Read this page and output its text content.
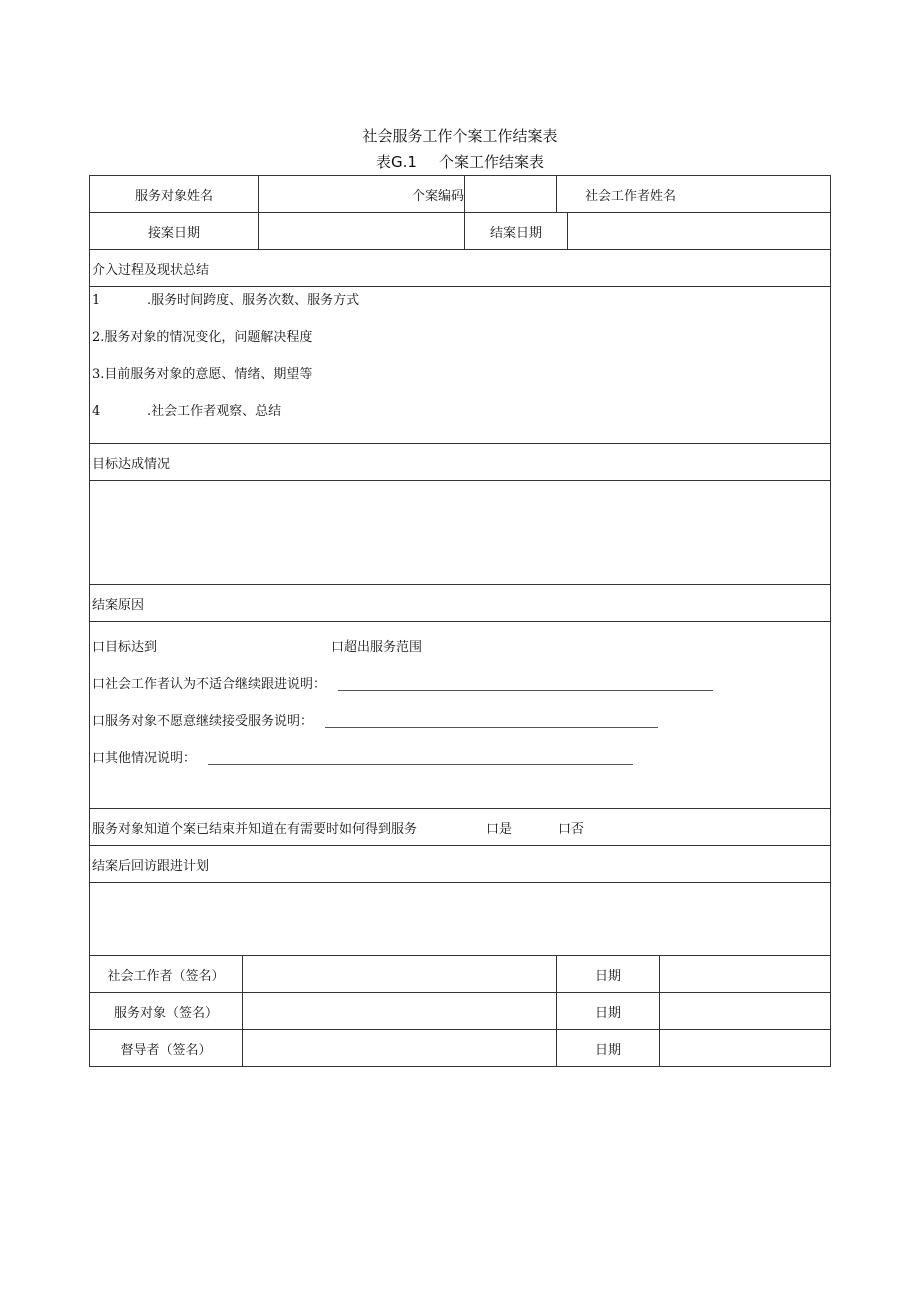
社会服务工作个案工作结案表
表G.1 个案工作结案表
服务对象姓名		个案编码		社会工作者姓名		
接案日期			结案日期			
介入过程及现状总结						

1 .服务时间跨度、服务次数、服务方式
2.服务对象的情况变化，问题解决程度
3.目前服务对象的意愿、情绪、期望等
4 .社会工作者观察、总结						

目标达成情况						

结案原因						

口目标达到 口超出服务范围
口社会工作者认为不适合继续跟进说明：
口服务对象不愿意继续接受服务说明：
口其他情况说明：						

服务对象知道个案已结束并知道在有需要时如何得到服务 口是 口否						
结案后回访跟进计划						

社会工作者（签名）				日期		
服务对象（签名）				日期		
督导者（签名）				日期		
